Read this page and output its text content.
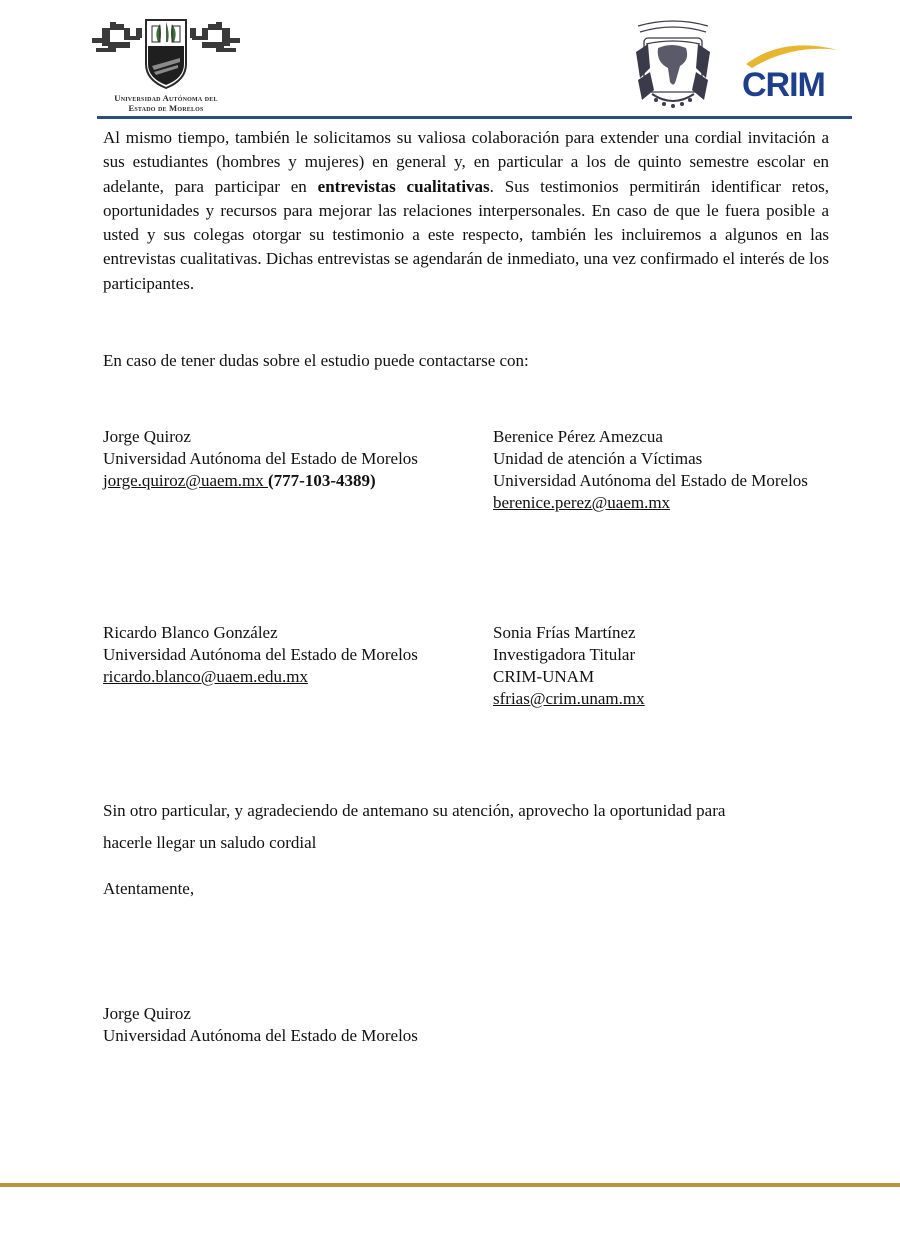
Universidad Autónoma del
Estado de Morelos
CRIM
Al mismo tiempo, también le solicitamos su valiosa colaboración para extender una cordial invitación a sus estudiantes (hombres y mujeres) en general y, en particular a los de quinto semestre escolar en adelante, para participar en entrevistas cualitativas. Sus testimonios permitirán identificar retos, oportunidades y recursos para mejorar las relaciones interpersonales. En caso de que le fuera posible a usted y sus colegas otorgar su testimonio a este respecto, también les incluiremos a algunos en las entrevistas cualitativas. Dichas entrevistas se agendarán de inmediato, una vez confirmado el interés de los participantes.
En caso de tener dudas sobre el estudio puede contactarse con:
Jorge Quiroz
Universidad Autónoma del Estado de Morelos
jorge.quiroz@uaem.mx (777-103-4389)
Berenice Pérez Amezcua
Unidad de atención a Víctimas
Universidad Autónoma del Estado de Morelos
berenice.perez@uaem.mx
Ricardo Blanco González
Universidad Autónoma del Estado de Morelos
ricardo.blanco@uaem.edu.mx
Sonia Frías Martínez
Investigadora Titular
CRIM-UNAM
sfrias@crim.unam.mx
Sin otro particular, y agradeciendo de antemano su atención, aprovecho la oportunidad para
hacerle llegar un saludo cordial
Atentamente,
Jorge Quiroz
Universidad Autónoma del Estado de Morelos
